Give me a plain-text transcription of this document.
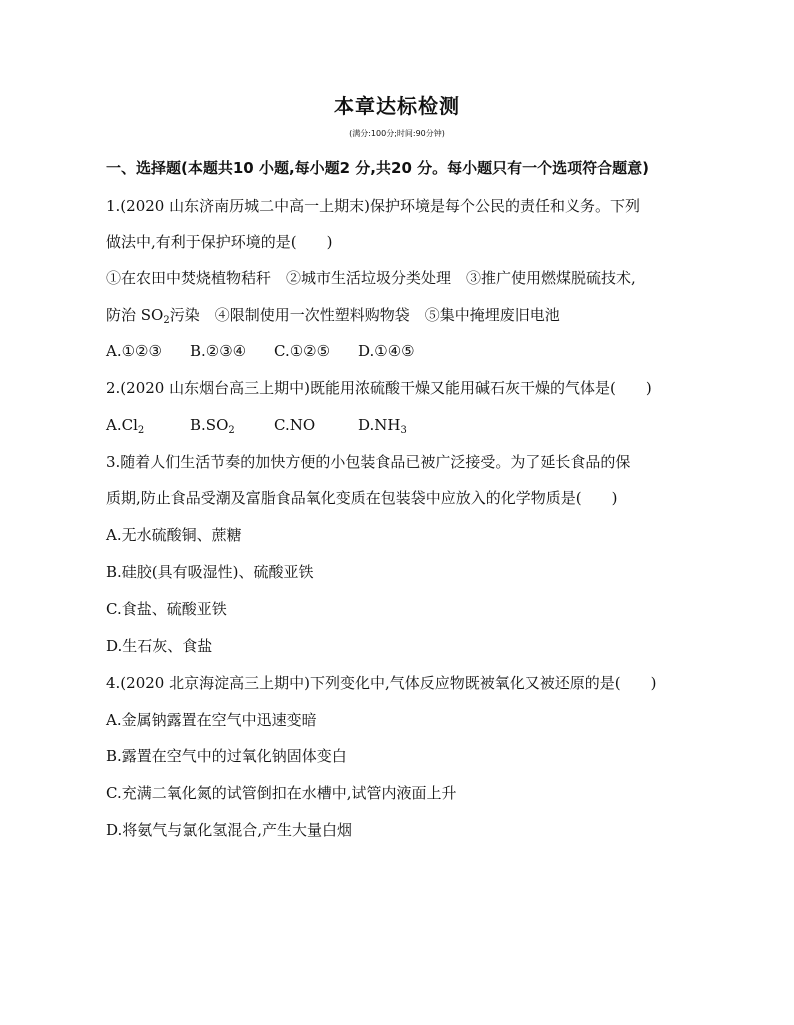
本章达标检测
(满分:100分;时间:90分钟)
一、选择题(本题共10 小题,每小题2 分,共20 分。每小题只有一个选项符合题意)
1.(2020 山东济南历城二中高一上期末)保护环境是每个公民的责任和义务。下列
做法中,有利于保护环境的是(　　)
①在农田中焚烧植物秸秆　②城市生活垃圾分类处理　③推广使用燃煤脱硫技术,
防治 $SO_2$污染　④限制使用一次性塑料购物袋　⑤集中掩埋废旧电池
A.①②③ B.②③④ C.①②⑤ D.①④⑤
2.(2020 山东烟台高三上期中)既能用浓硫酸干燥又能用碱石灰干燥的气体是(　　)
$A.Cl_2$	$B.SO_2$	C.NO	$D.NH_3$
3.随着人们生活节奏的加快方便的小包装食品已被广泛接受。为了延长食品的保
质期,防止食品受潮及富脂食品氧化变质在包装袋中应放入的化学物质是(　　)
A.无水硫酸铜、蔗糖
B.硅胶(具有吸湿性)、硫酸亚铁
C.食盐、硫酸亚铁
D.生石灰、食盐
4.(2020 北京海淀高三上期中)下列变化中,气体反应物既被氧化又被还原的是(　　)
A.金属钠露置在空气中迅速变暗
B.露置在空气中的过氧化钠固体变白
C.充满二氧化氮的试管倒扣在水槽中,试管内液面上升
D.将氨气与氯化氢混合,产生大量白烟
